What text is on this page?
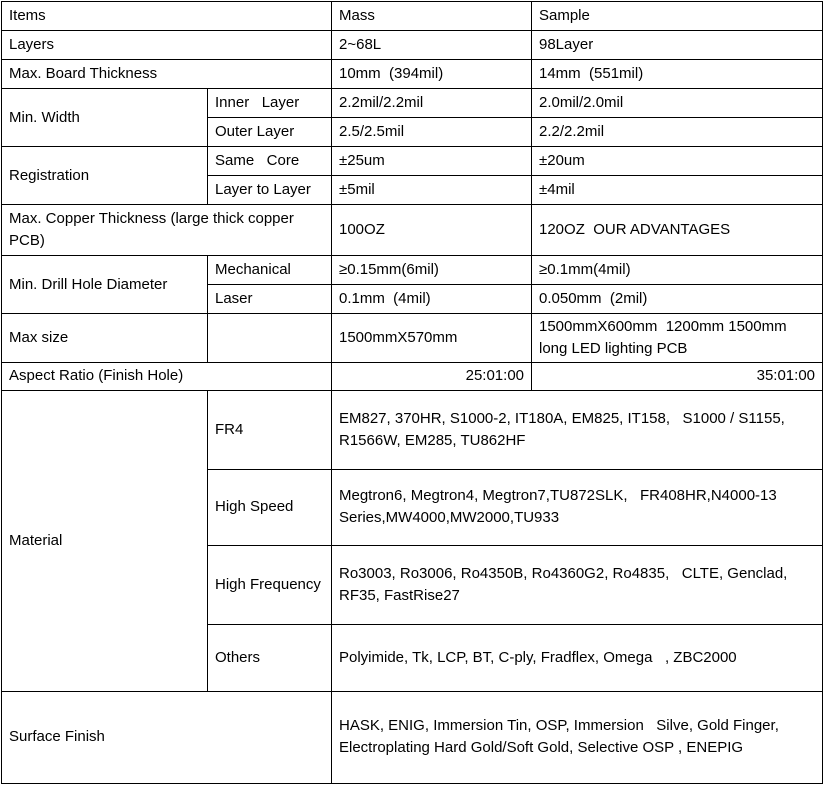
Items		Mass	Sample
Layers		2~68L	98Layer
Max. Board Thickness		10mm  (394mil)	14mm  (551mil)
Min. Width	Inner   Layer	2.2mil/2.2mil	2.0mil/2.0mil
	Outer Layer	2.5/2.5mil	2.2/2.2mil
Registration	Same   Core	±25um	±20um
	Layer to Layer	±5mil	±4mil
Max. Copper Thickness (large thick copper PCB)		100OZ	120OZ  OUR ADVANTAGES
Min. Drill Hole Diameter	Mechanical	≥0.15mm(6mil)	≥0.1mm(4mil)
	Laser	0.1mm  (4mil)	0.050mm  (2mil)
Max size		1500mmX570mm	1500mmX600mm  1200mm 1500mm long LED lighting PCB
Aspect Ratio (Finish Hole)		25:01:00	35:01:00
Material	FR4	EM827, 370HR, S1000-2, IT180A, EM825, IT158,   S1000 / S1155, R1566W, EM285, TU862HF	
	High Speed	Megtron6, Megtron4, Megtron7,TU872SLK,   FR408HR,N4000-13 Series,MW4000,MW2000,TU933	
	High Frequency	Ro3003, Ro3006, Ro4350B, Ro4360G2, Ro4835,   CLTE, Genclad, RF35, FastRise27	
	Others	Polyimide, Tk, LCP, BT, C-ply, Fradflex, Omega   , ZBC2000	
Surface Finish		HASK, ENIG, Immersion Tin, OSP, Immersion   Silve, Gold Finger, Electroplating Hard Gold/Soft Gold, Selective OSP , ENEPIG	
